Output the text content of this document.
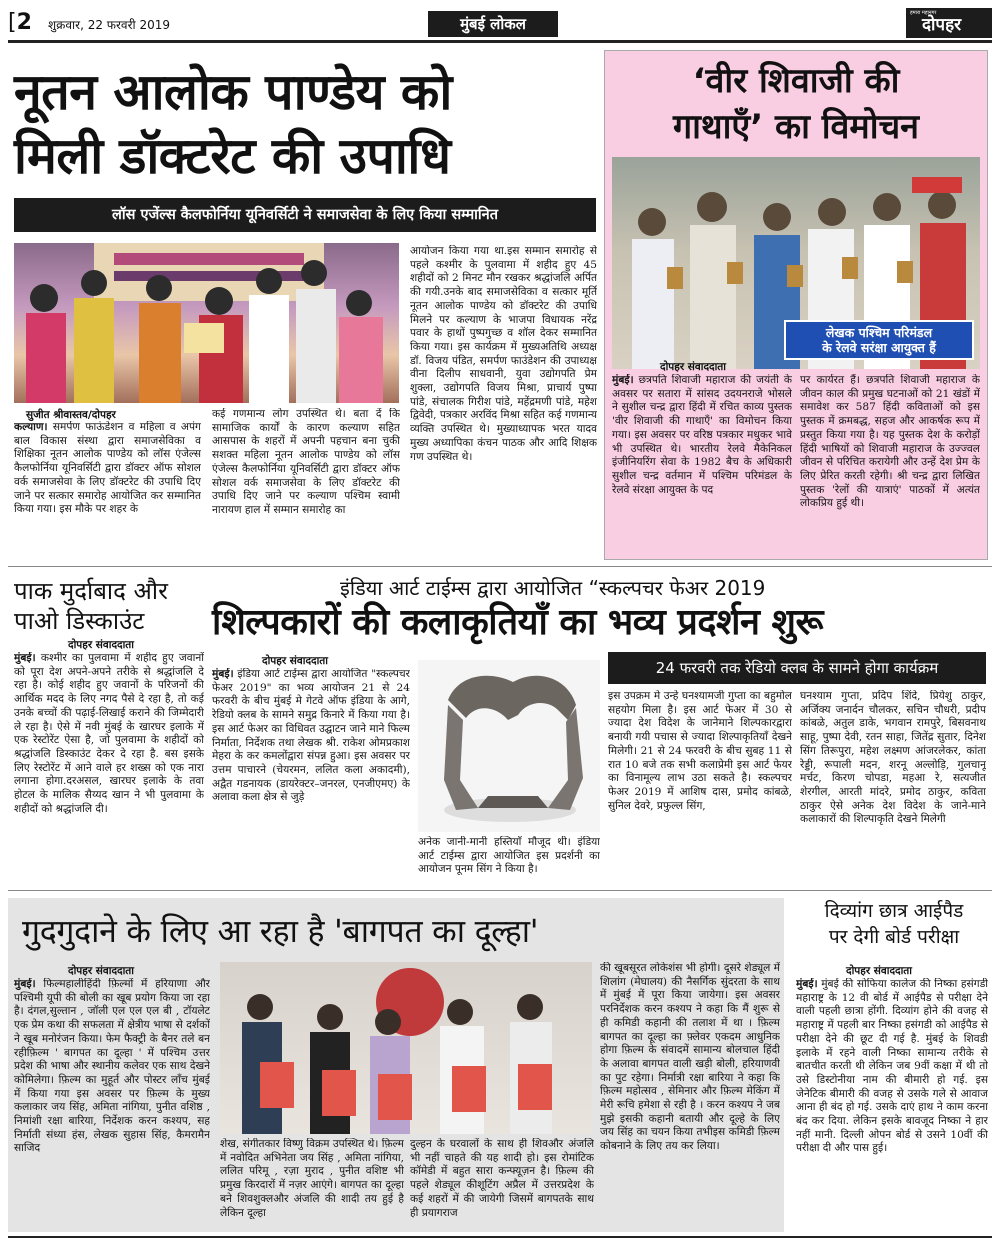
[2	शुक्रवार, 22 फरवरी 2019	मुंबई लोकल
हमारा महानगर
दोपहर
नूतन आलोक पाण्डेय को
मिली डॉक्टरेट की उपाधि
लॉस एजेंल्स कैलफोर्निया यूनिवर्सिटी ने समाजसेवा के लिए किया सम्मानित
सुजीत श्रीवास्तव/दोपहर
कल्याण। समर्पण फाऊंडेशन व महिला व अपंग बाल विकास संस्था द्वारा समाजसेविका व शिक्षिका नूतन आलोक पाण्डेय को लॉस एंजेल्स कैलफोर्निया यूनिवर्सिटी द्वारा डॉक्टर ऑफ सोशल वर्क समाजसेवा के लिए डॉक्टरेट की उपाधि दिए जाने पर सत्कार समारोह आयोजित कर सम्मानित किया गया। इस मौके पर शहर के
कई गणमान्य लोग उपस्थित थे। बता दें कि सामाजिक कार्यों के कारण कल्याण सहित आसपास के शहरों में अपनी पहचान बना चुकी सशक्त महिला नूतन आलोक पाण्डेय को लॉस एंजेल्स कैलफोर्निया यूनिवर्सिटी द्वारा डॉक्टर ऑफ सोशल वर्क समाजसेवा के लिए डॉक्टरेट की उपाधि दिए जाने पर कल्याण पश्चिम स्वामी नारायण हाल में सम्मान समारोह का
आयोजन किया गया था.इस सम्मान समारोह से पहले कश्मीर के पुलवामा में शहीद हुए 45 शहीदों को 2 मिनट मौन रखकर श्रद्धांजलि अर्पित की गयी.उनके बाद समाजसेविका व सत्कार मूर्ति नूतन आलोक पाण्डेय को डॉक्टरेट की उपाधि मिलने पर कल्याण के भाजपा विधायक नरेंद्र पवार के हाथों पुष्पगुच्छ व शॉल देकर सम्मानित किया गया। इस कार्यक्रम में मुख्यअतिथि अध्यक्ष डॉ. विजय पंडित, समर्पण फाउंडेशन की उपाध्यक्ष वीना दिलीप साधवानी, युवा उद्योगपति प्रेम शुक्ला, उद्योगपति विजय मिश्रा, प्राचार्य पुष्पा पांडे, संचालक गिरीश पांडे, महेंद्रमणी पांडे, महेश द्विवेदी, पत्रकार अरविंद मिश्रा सहित कई गणमान्य व्यक्ति उपस्थित थे। मुख्याध्यापक भरत यादव मुख्य अध्यापिका कंचन पाठक और आदि शिक्षक गण उपस्थित थे।
‘वीर शिवाजी की
गाथाएँ’ का विमोचन
लेखक पश्चिम परिमंडल
के रेलवे सरंक्षा आयुक्त हैं
दोपहर संवाददाता
मुंबई। छत्रपति शिवाजी महाराज की जयंती के अवसर पर सतारा में सांसद उदयनराजे भोसले ने सुशील चन्द्र द्वारा हिंदी में रचित काव्य पुस्तक 'वीर शिवाजी की गाथाएँ' का विमोचन किया गया। इस अवसर पर वरिष्ठ पत्रकार मधुकर भावे भी उपस्थित थे। भारतीय रेलवे मैकेनिकल इंजीनियरिंग सेवा के 1982 बैच के अधिकारी सुशील चन्द्र वर्तमान में पश्चिम परिमंडल के रेलवे संरक्षा आयुक्त के पद
पर कार्यरत हैं। छत्रपति शिवाजी महाराज के जीवन काल की प्रमुख घटनाओं को 21 खंडों में समावेश कर 587 हिंदी कविताओं को इस पुस्तक में क्रमबद्ध, सहज और आकर्षक रूप में प्रस्तुत किया गया है। यह पुस्तक देश के करोड़ों हिंदी भाषियों को शिवाजी महाराज के उज्ज्वल जीवन से परिचित करायेगी और उन्हें देश प्रेम के लिए प्रेरित करती रहेगी। श्री चन्द्र द्वारा लिखित पुस्तक 'रेलों की यात्राएं' पाठकों में अत्यंत लोकप्रिय हुई थी।
पाक मुर्दाबाद और
पाओ डिस्काउंट
दोपहर संवाददाता
मुंबई। कश्मीर का पुलवामा में शहीद हुए जवानों को पूरा देश अपने-अपने तरीके से श्रद्धांजलि दे रहा है। कोई शहीद हुए जवानों के परिजनों की आर्थिक मदद के लिए नगद पैसे दे रहा है, तो कई उनके बच्चों की पढ़ाई-लिखाई कराने की जिम्मेदारी ले रहा है। ऐसे में नवी मुंबई के खारघर इलाके में एक रेस्टोरेंट ऐसा है, जो पुलवामा के शहीदों को श्रद्धांजलि डिस्काउंट देकर दे रहा है. बस इसके लिए रेस्टोरेंट में आने वाले हर शख्स को एक नारा लगाना होगा.दरअसल, खारघर इलाके के तवा होटल के मालिक सैय्यद खान ने भी पुलवामा के शहीदों को श्रद्धांजलि दी।
इंडिया आर्ट टाईम्स द्वारा आयोजित “स्कल्पचर फेअर 2019
शिल्पकारों की कलाकृतियाँ का भव्य प्रदर्शन शुरू
24 फरवरी तक रेडियो क्लब के सामने होगा कार्यक्रम
दोपहर संवाददाता
मुंबई। इंडिया आर्ट टाईम्स द्वारा आयोजित "स्कल्पचर फेअर 2019" का भव्य आयोजन 21 से 24 फरवरी के बीच मुंबई मे गेटवे ऑफ इंडिया के आगे, रेडियो क्लब के सामने समुद्र किनारे में किया गया है। इस आर्ट फेअर का विधिवत उद्घाटन जाने माने फिल्म निर्माता, निर्देशक तथा लेखक श्री. राकेश ओमप्रकाश मेहरा के कर कमलोंद्वारा संपन्न हुआ। इस अवसर पर उत्तम पाचारने (चेयरमन, ललित कला अकादमी), अद्वैत गडनायक (डायरेक्टर–जनरल, एनजीएमए) के अलावा कला क्षेत्र से जुड़े
अनेक जानी-मानी हस्तियाँ मौजूद थी। इंडिया आर्ट टाईम्स द्वारा आयोजित इस प्रदर्शनी का आयोजन पूनम सिंग ने किया है।
इस उपक्रम मे उन्हे घनश्यामजी गुप्ता का बहुमोल सहयोग मिला है। इस आर्ट फेअर में 30 से ज्यादा देश विदेश के जानेमाने शिल्पकारद्वारा बनायी गयी पचास से ज्यादा शिल्पाकृतियाँ देखने मिलेगी। 21 से 24 फरवरी के बीच सुबह 11 से रात 10 बजे तक सभी कलाप्रेमी इस आर्ट फेयर का विनामूल्य लाभ उठा सकते है। स्कल्पचर फेअर 2019 में आशिष दास, प्रमोद कांबळे, सुनिल देवरे, प्रफुल्ल सिंग,
घनश्याम गुप्ता, प्रदिप शिंदे, प्रियेशु ठाकुर, अर्जिक्य जनार्दन चौलकर, सचिन चौधरी, प्रदीप कांबळे, अतुल डाके, भगवान रामपुरे, बिसवनाथ साहू, पुष्पा देवी, रतन साहा, जितेंद्र सुतार, दिनेश सिंग तिरूपुरा, महेश लक्ष्मण आंजरलेकर, कांता रेड्डी, रूपाली मदन, शरनू अल्लोड़ि, गुलचानू मर्चट, किरण चोपडा, महआ रे, सत्यजीत शेरगील, आरती मांदरे, प्रमोद ठाकुर, कविता ठाकुर ऐसे अनेक देश विदेश के जाने-माने कलाकारों की शिल्पाकृति देखने मिलेगी
गुदगुदाने के लिए आ रहा है 'बागपत का दूल्हा'
दोपहर संवाददाता
मुंबई। फिल्महालीहिंदी फ़िल्मों में हरियाणा और पश्चिमी यूपी की बोली का खूब प्रयोग किया जा रहा है। दंगल,सुल्तान , जॉली एल एल एल बी , टॉयलेट एक प्रेम कथा की सफलता में क्षेत्रीय भाषा से दर्शकों ने खूब मनोरंजन किया। फेम फैक्ट्री के बैनर तले बन रहीफ़िल्म ' बागपत का दूल्हा ' में पश्चिम उत्तर प्रदेश की भाषा और स्थानीय कलेवर एक साथ देखने कोमिलेगा। फ़िल्म का मुहूर्त और पोस्टर लॉंच मुंबई में किया गया इस अवसर पर फ़िल्म के मुख्य कलाकार जय सिंह, अमिता नांगिया, पुनीत वशिष्ठ , निमांशी रक्षा बारिया, निर्देशक करन कश्यप, सह निर्माती संध्या हंस, लेखक सुहास सिंह, कैमरामैन साजिद	शेख, संगीतकार विष्णु विक्रम उपस्थित थे। फ़िल्म में नवोदित अभिनेता जय सिंह , अमिता नांगिया, ललित परिमू , रज़ा मुराद , पुनीत वशिष्ट भी प्रमुख किरदारों में नज़र आएंगे। बागपत का दूल्हा बने शिवशुक्लऔर अंजलि की शादी तय हुई है लेकिन दूल्हा
दुल्हन के घरवालों के साथ ही शिवऔर अंजलि भी नहीं चाहते की यह शादी हो। इस रोमांटिक कॉमेडी में बहुत सारा कन्फ्यूज़न है। फ़िल्म की पहले शेड्यूल कीशूटिंग अप्रैल में उत्तरप्रदेश के कई शहरों में की जायेगी जिसमें बागपतके साथ ही प्रयागराज
की खूबसूरत लोकेशंस भी होगी। दूसरे शेड्यूल में शिलांग (मेघालय) की नैसर्गिक सुंदरता के साथ में मुंबई में पूरा किया जायेगा। इस अवसर परनिर्देशक करन कश्यप ने कहा कि मैं शुरू से ही कमिडी कहानी की तलाश में था । फ़िल्म बागपत का दूल्हा का फ़्लेवर एकदम आधुनिक होगा फ़िल्म के संवादमें सामान्य बोलचाल हिंदी के अलावा बागपत वाली खड़ी बोली, हरियाणवी का पुट रहेगा। निर्मात्री रक्षा बारिया ने कहा कि फ़िल्म महोत्सव , सेमिनार और फ़िल्म मेकिंग में मेरी रूचि हमेशा से रही है । करन कश्यप ने जब मुझे इसकी कहानी बतायी और दूल्हे के लिए जय सिंह का चयन किया तभीइस कमिडी फ़िल्म कोबनाने के लिए तय कर लिया।
दिव्यांग छात्र आईपैड
पर देगी बोर्ड परीक्षा
दोपहर संवाददाता
मुंबई। मुंबई की सोफिया कालेज की निष्का हसंगडी महाराष्ट्र के 12 वी बोर्ड में आईपैड से परीक्षा देने वाली पहली छात्रा होंगी. दिव्यांग होने की वजह से महाराष्ट्र में पहली बार निष्का हसंगडी को आईपैड से परीक्षा देने की छूट दी गई है. मुंबई के शिवडी इलाके में रहने वाली निष्का सामान्य तरीके से बातचीत करती थी लेकिन जब 9वीं कक्षा में थी तो उसे डिस्टोनीया नाम की बीमारी हो गई. इस जेनेटिक बीमारी की वजह से उसके गले से आवाज आना ही बंद हो गई. उसके दाएं हाथ ने काम करना बंद कर दिया. लेकिन इसके बावजूद निष्का ने हार नहीं मानी. दिल्ली ओपन बोर्ड से उसने 10वीं की परीक्षा दी और पास हुई।
